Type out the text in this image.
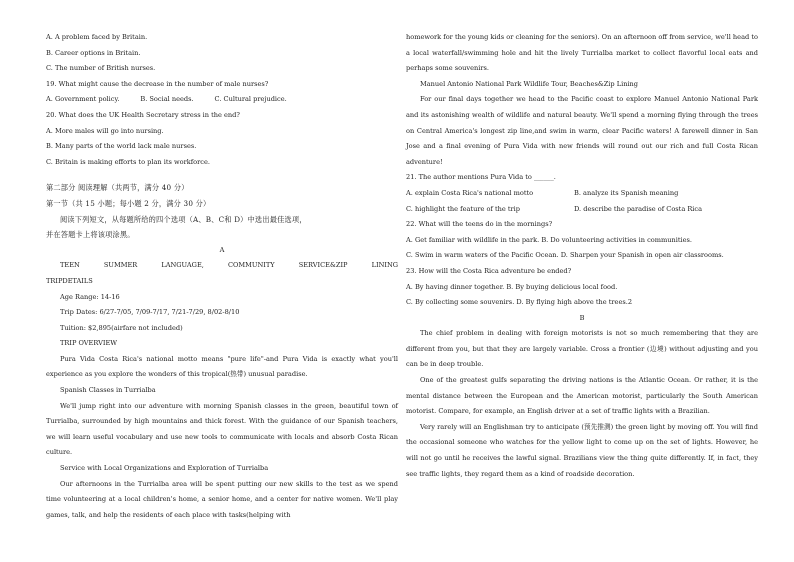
A. A problem faced by Britain.

B. Career options in Britain.

C. The number of British nurses.

19. What might cause the decrease in the number of male nurses?

A. Government policy.          B. Social needs.          C. Cultural prejudice.

20. What does the UK Health Secretary stress in the end?

A. More males will go into nursing.

B. Many parts of the world lack male nurses.

C. Britain is making efforts to plan its workforce.

第二部分 阅读理解（共两节，满分 40 分）

第一节（共 15 小题；每小题 2 分，满分 30 分）

阅读下列短文，从每题所给的四个选项（A、B、C和 D）中选出最佳选项，

并在答题卡上将该项涂黑。

A

TEEN SUMMER LANGUAGE, COMMUNITY SERVICE&ZIP LINING

TRIPDETAILS

Age Range: 14-16

Trip Dates: 6/27-7/05, 7/09-7/17, 7/21-7/29, 8/02-8/10

Tuition: $2,895(airfare not included)

TRIP OVERVIEW

Pura Vida Costa Rica's national motto means "pure life"-and Pura Vida is exactly what you'll experience as you explore the wonders of this tropical(热带) unusual paradise.

Spanish Classes in Turrialba

We'll jump right into our adventure with morning Spanish classes in the green, beautiful town of Turrialba, surrounded by high mountains and thick forest. With the guidance of our Spanish teachers, we will learn useful vocabulary and use new tools to communicate with locals and absorb Costa Rican culture.

Service with Local Organizations and Exploration of Turrialba

Our afternoons in the Turrialba area will be spent putting our new skills to the test as we spend time volunteering at a local children's home, a senior home, and a center for native women. We'll play games, talk, and help the residents of each place with tasks(helping with

homework for the young kids or cleaning for the seniors). On an afternoon off from service, we'll head to a local waterfall/swimming hole and hit the lively Turrialba market to collect flavorful local eats and perhaps some souvenirs.

Manuel Antonio National Park Wildlife Tour, Beaches&Zip Lining

For our final days together we head to the Pacific coast to explore Manuel Antonio National Park and its astonishing wealth of wildlife and natural beauty. We'll spend a morning flying through the trees on Central America's longest zip line,and swim in warm, clear Pacific waters! A farewell dinner in San Jose and a final evening of Pura Vida with new friends will round out our rich and full Costa Rican adventure!

21. The author mentions Pura Vida to ______.

A. explain Costa Rica's national motto	B. analyze its Spanish meaning

C. highlight the feature of the trip	D. describe the paradise of Costa Rica

22. What will the teens do in the mornings?

A. Get familiar with wildlife in the park. B. Do volunteering activities in communities.

C. Swim in warm waters of the Pacific Ocean. D. Sharpen your Spanish in open air classrooms.

23. How will the Costa Rica adventure be ended?

A. By having dinner together. B. By buying delicious local food.

C. By collecting some souvenirs. D. By flying high above the trees.2

B

The chief problem in dealing with foreign motorists is not so much remembering that they are different from you, but that they are largely variable. Cross a frontier (边境) without adjusting and you can be in deep trouble.

One of the greatest gulfs separating the driving nations is the Atlantic Ocean. Or rather, it is the mental distance between the European and the American motorist, particularly the South American motorist. Compare, for example, an English driver at a set of traffic lights with a Brazilian.

Very rarely will an Englishman try to anticipate (预先推测) the green light by moving off. You will find the occasional someone who watches for the yellow light to come up on the set of lights. However, he will not go until he receives the lawful signal. Brazilians view the thing quite differently. If, in fact, they see traffic lights, they regard them as a kind of roadside decoration.
